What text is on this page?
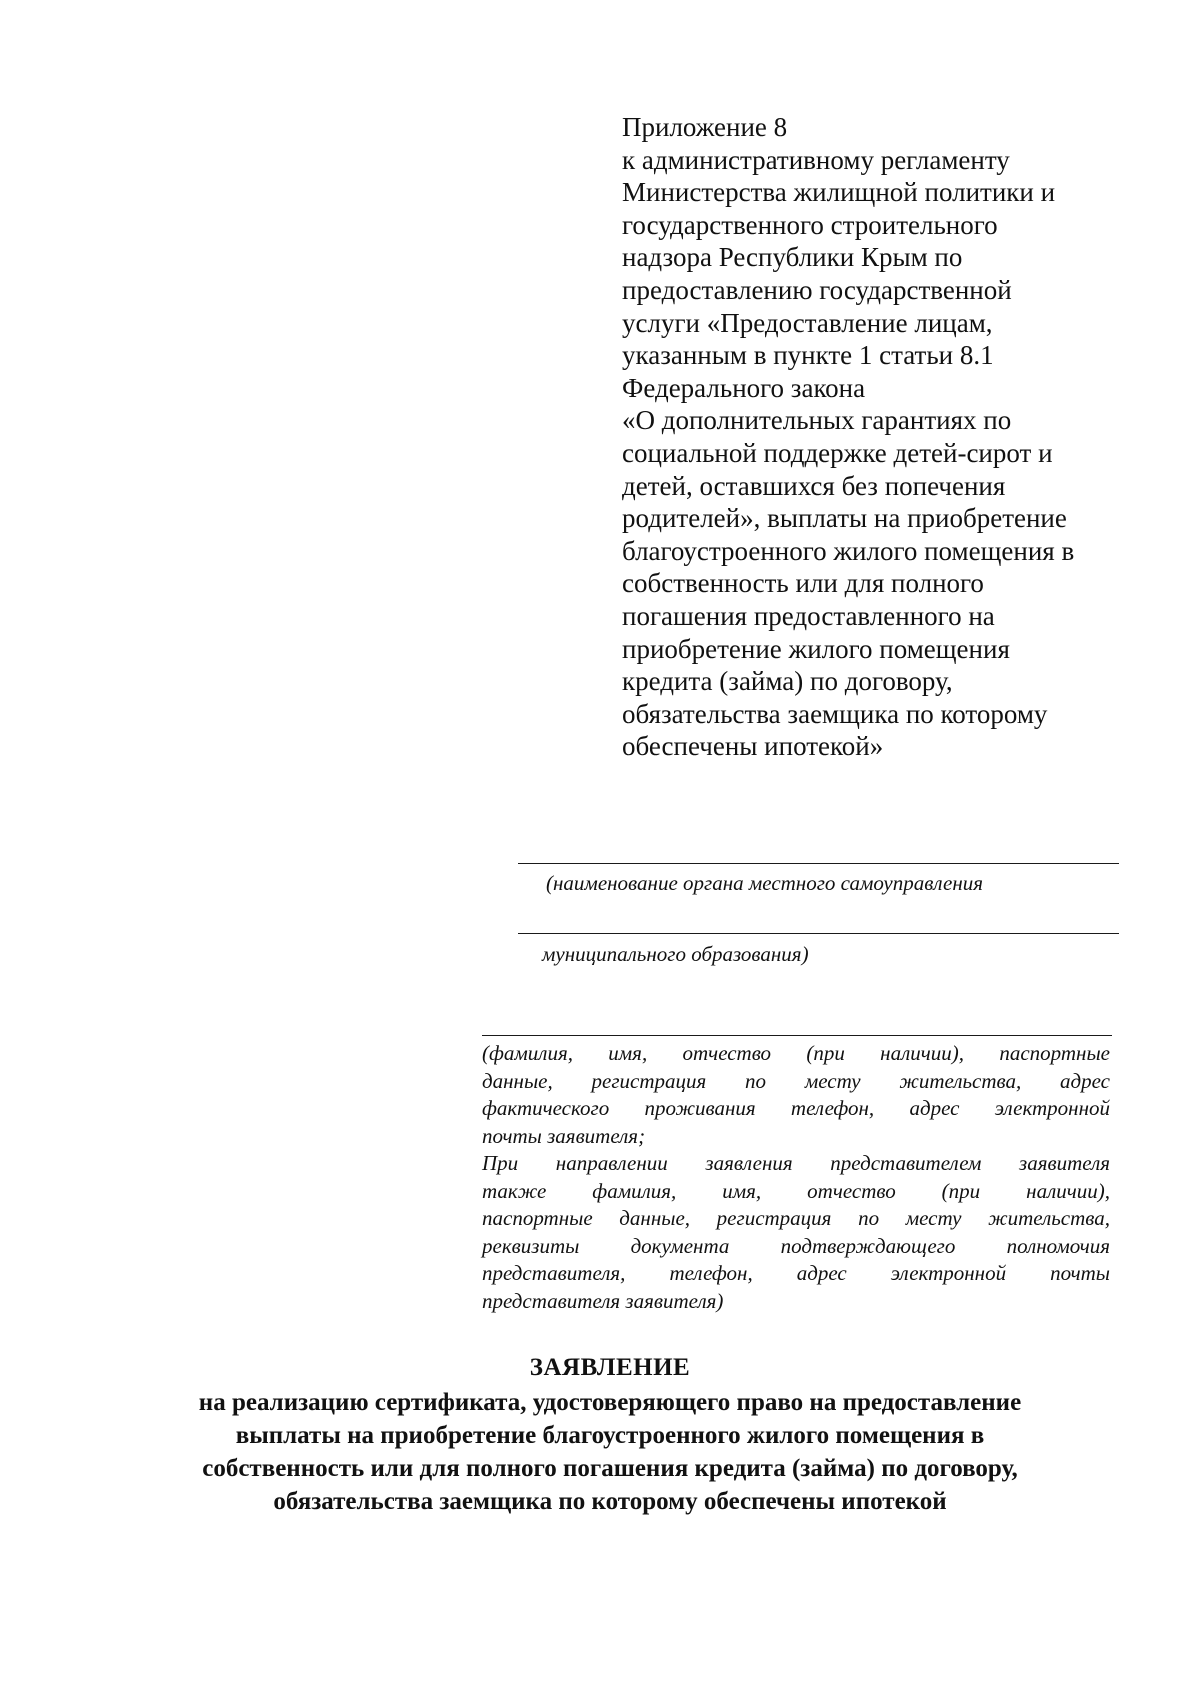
Приложение 8
к административному регламенту
Министерства жилищной политики и
государственного строительного
надзора Республики Крым по
предоставлению государственной
услуги «Предоставление лицам,
указанным в пункте 1 статьи 8.1
Федерального закона
«О дополнительных гарантиях по
социальной поддержке детей-сирот и
детей, оставшихся без попечения
родителей», выплаты на приобретение
благоустроенного жилого помещения в
собственность или для полного
погашения предоставленного на
приобретение жилого помещения
кредита (займа) по договору,
обязательства заемщика по которому
обеспечены ипотекой»
(наименование органа местного самоуправления
муниципального образования)
(фамилия, имя, отчество (при наличии), паспортные
данные, регистрация по месту жительства, адрес
фактического проживания телефон, адрес электронной
почты заявителя;
При направлении заявления представителем заявителя
также фамилия, имя, отчество (при наличии),
паспортные данные, регистрация по месту жительства,
реквизиты документа подтверждающего полномочия
представителя, телефон, адрес электронной почты
представителя заявителя)
ЗАЯВЛЕНИЕ
на реализацию сертификата, удостоверяющего право на предоставление
выплаты на приобретение благоустроенного жилого помещения в
собственность или для полного погашения кредита (займа) по договору,
обязательства заемщика по которому обеспечены ипотекой
